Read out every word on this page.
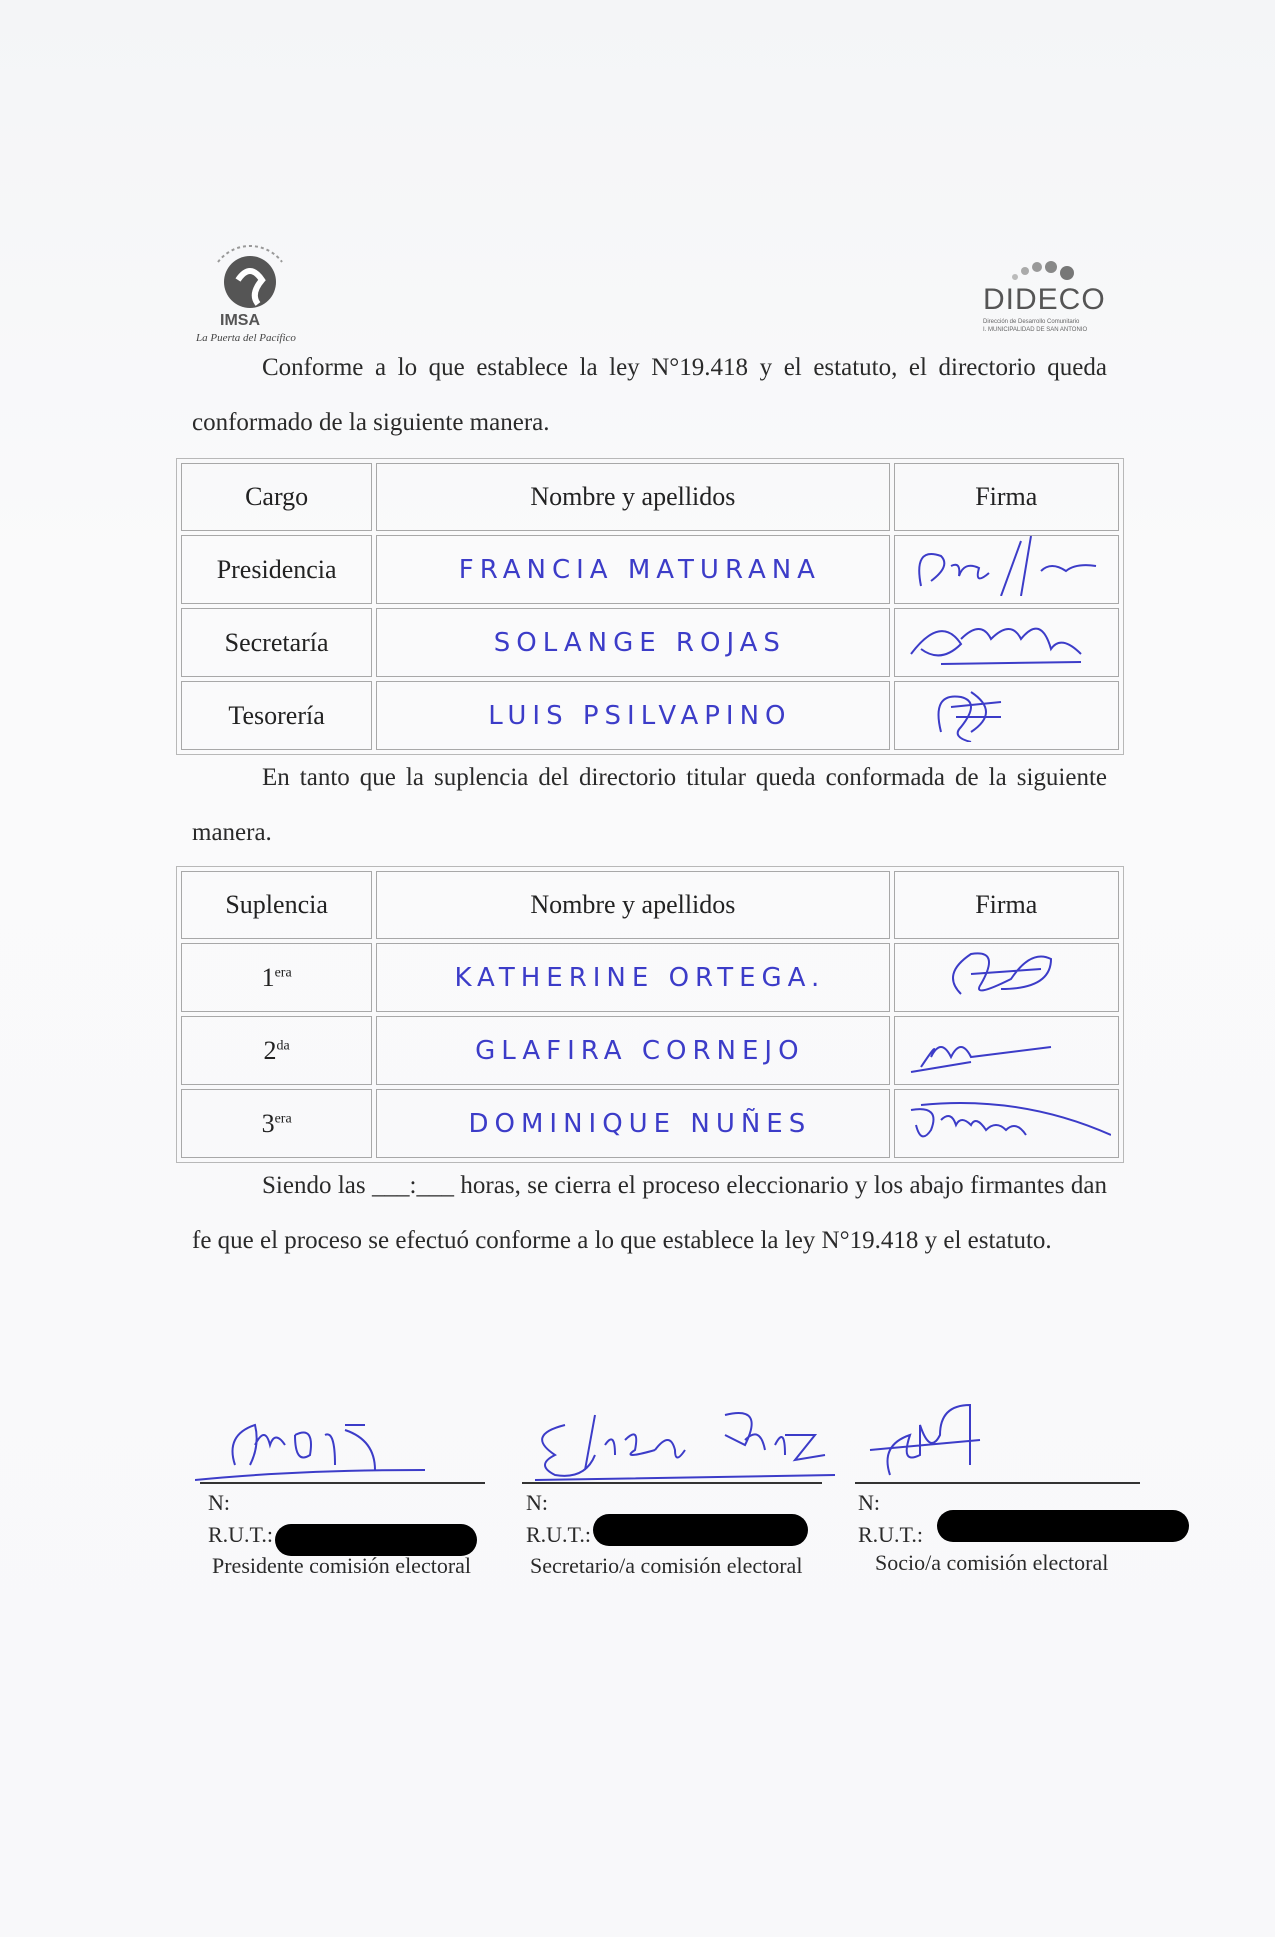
IMSA
La Puerta del Pacífico
DIDECO
Dirección de Desarrollo Comunitario
I. MUNICIPALIDAD DE SAN ANTONIO
Conforme a lo que establece la ley N°19.418 y el estatuto, el directorio queda conformado de la siguiente manera.
Cargo	Nombre y apellidos	Firma
Presidencia	FRANCIA MATURANA	
Secretaría	SOLANGE ROJAS	
Tesorería	LUIS PSILVAPINO	
En tanto que la suplencia del directorio titular queda conformada de la siguiente manera.
Suplencia	Nombre y apellidos	Firma
$1^{era}$	KATHERINE ORTEGA.	
$2^{da}$	GLAFIRA CORNEJO	
$3^{era}$	DOMINIQUE NUÑES	
Siendo las ___:___ horas, se cierra el proceso eleccionario y los abajo firmantes dan fe que el proceso se efectuó conforme a lo que establece la ley N°19.418 y el estatuto.
N:
R.U.T.:
Presidente comisión electoral
N:
R.U.T.:
Secretario/a comisión electoral
N:
R.U.T.:
Socio/a comisión electoral
